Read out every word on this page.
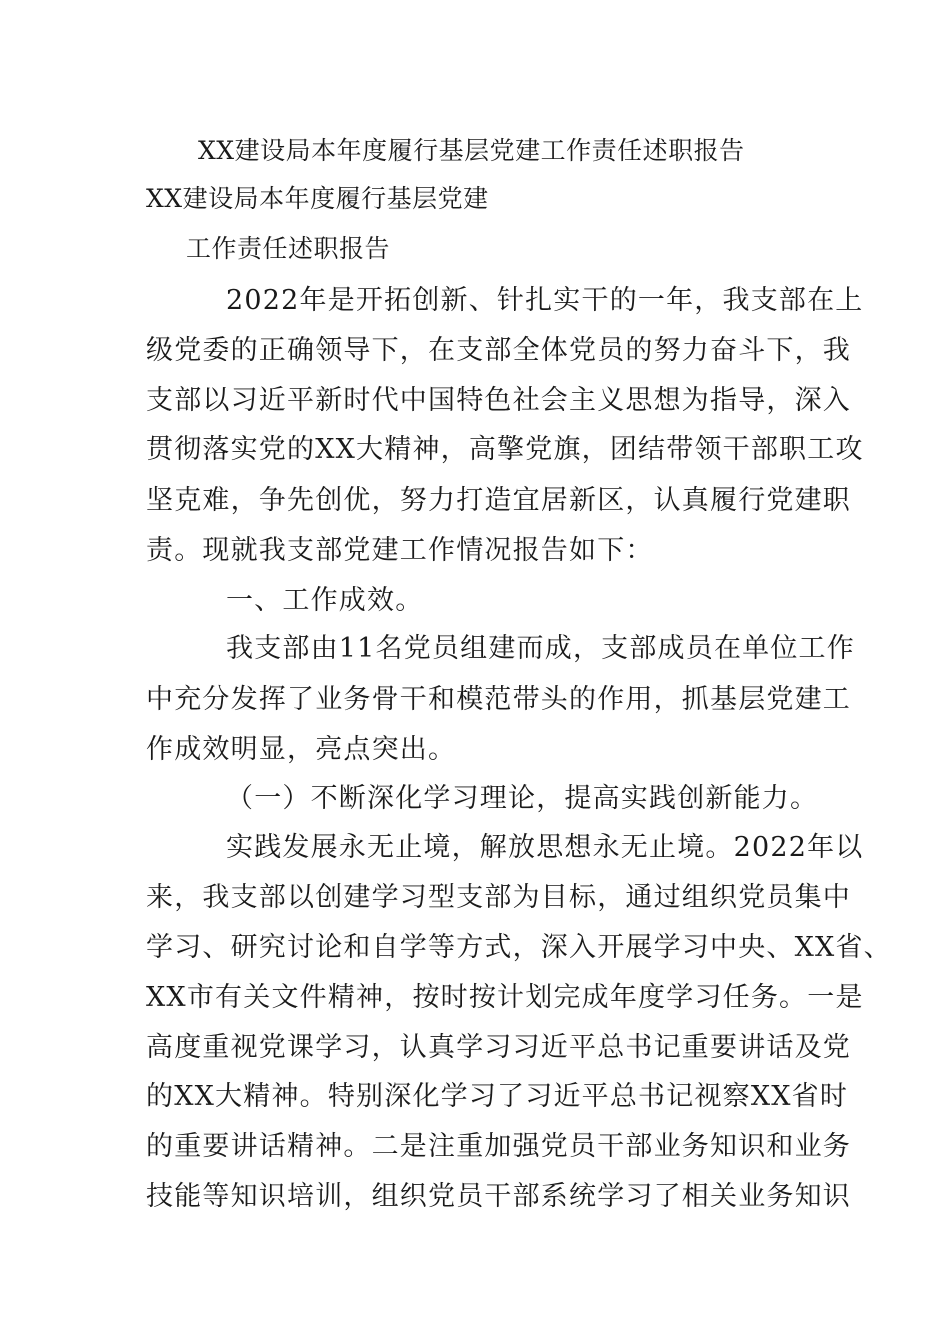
XX建设局本年度履行基层党建工作责任述职报告

XX建设局本年度履行基层党建

工作责任述职报告

2022年是开拓创新、针扎实干的一年，我支部在上

级党委的正确领导下，在支部全体党员的努力奋斗下，我

支部以习近平新时代中国特色社会主义思想为指导，深入

贯彻落实党的XX大精神，高擎党旗，团结带领干部职工攻

坚克难，争先创优，努力打造宜居新区，认真履行党建职

责。现就我支部党建工作情况报告如下：

一、工作成效。

我支部由11名党员组建而成，支部成员在单位工作

中充分发挥了业务骨干和模范带头的作用，抓基层党建工

作成效明显，亮点突出。

（一）不断深化学习理论，提高实践创新能力。

实践发展永无止境，解放思想永无止境。2022年以

来，我支部以创建学习型支部为目标，通过组织党员集中

学习、研究讨论和自学等方式，深入开展学习中央、XX省、

XX市有关文件精神，按时按计划完成年度学习任务。一是

高度重视党课学习，认真学习习近平总书记重要讲话及党

的XX大精神。特别深化学习了习近平总书记视察XX省时

的重要讲话精神。二是注重加强党员干部业务知识和业务

技能等知识培训，组织党员干部系统学习了相关业务知识
